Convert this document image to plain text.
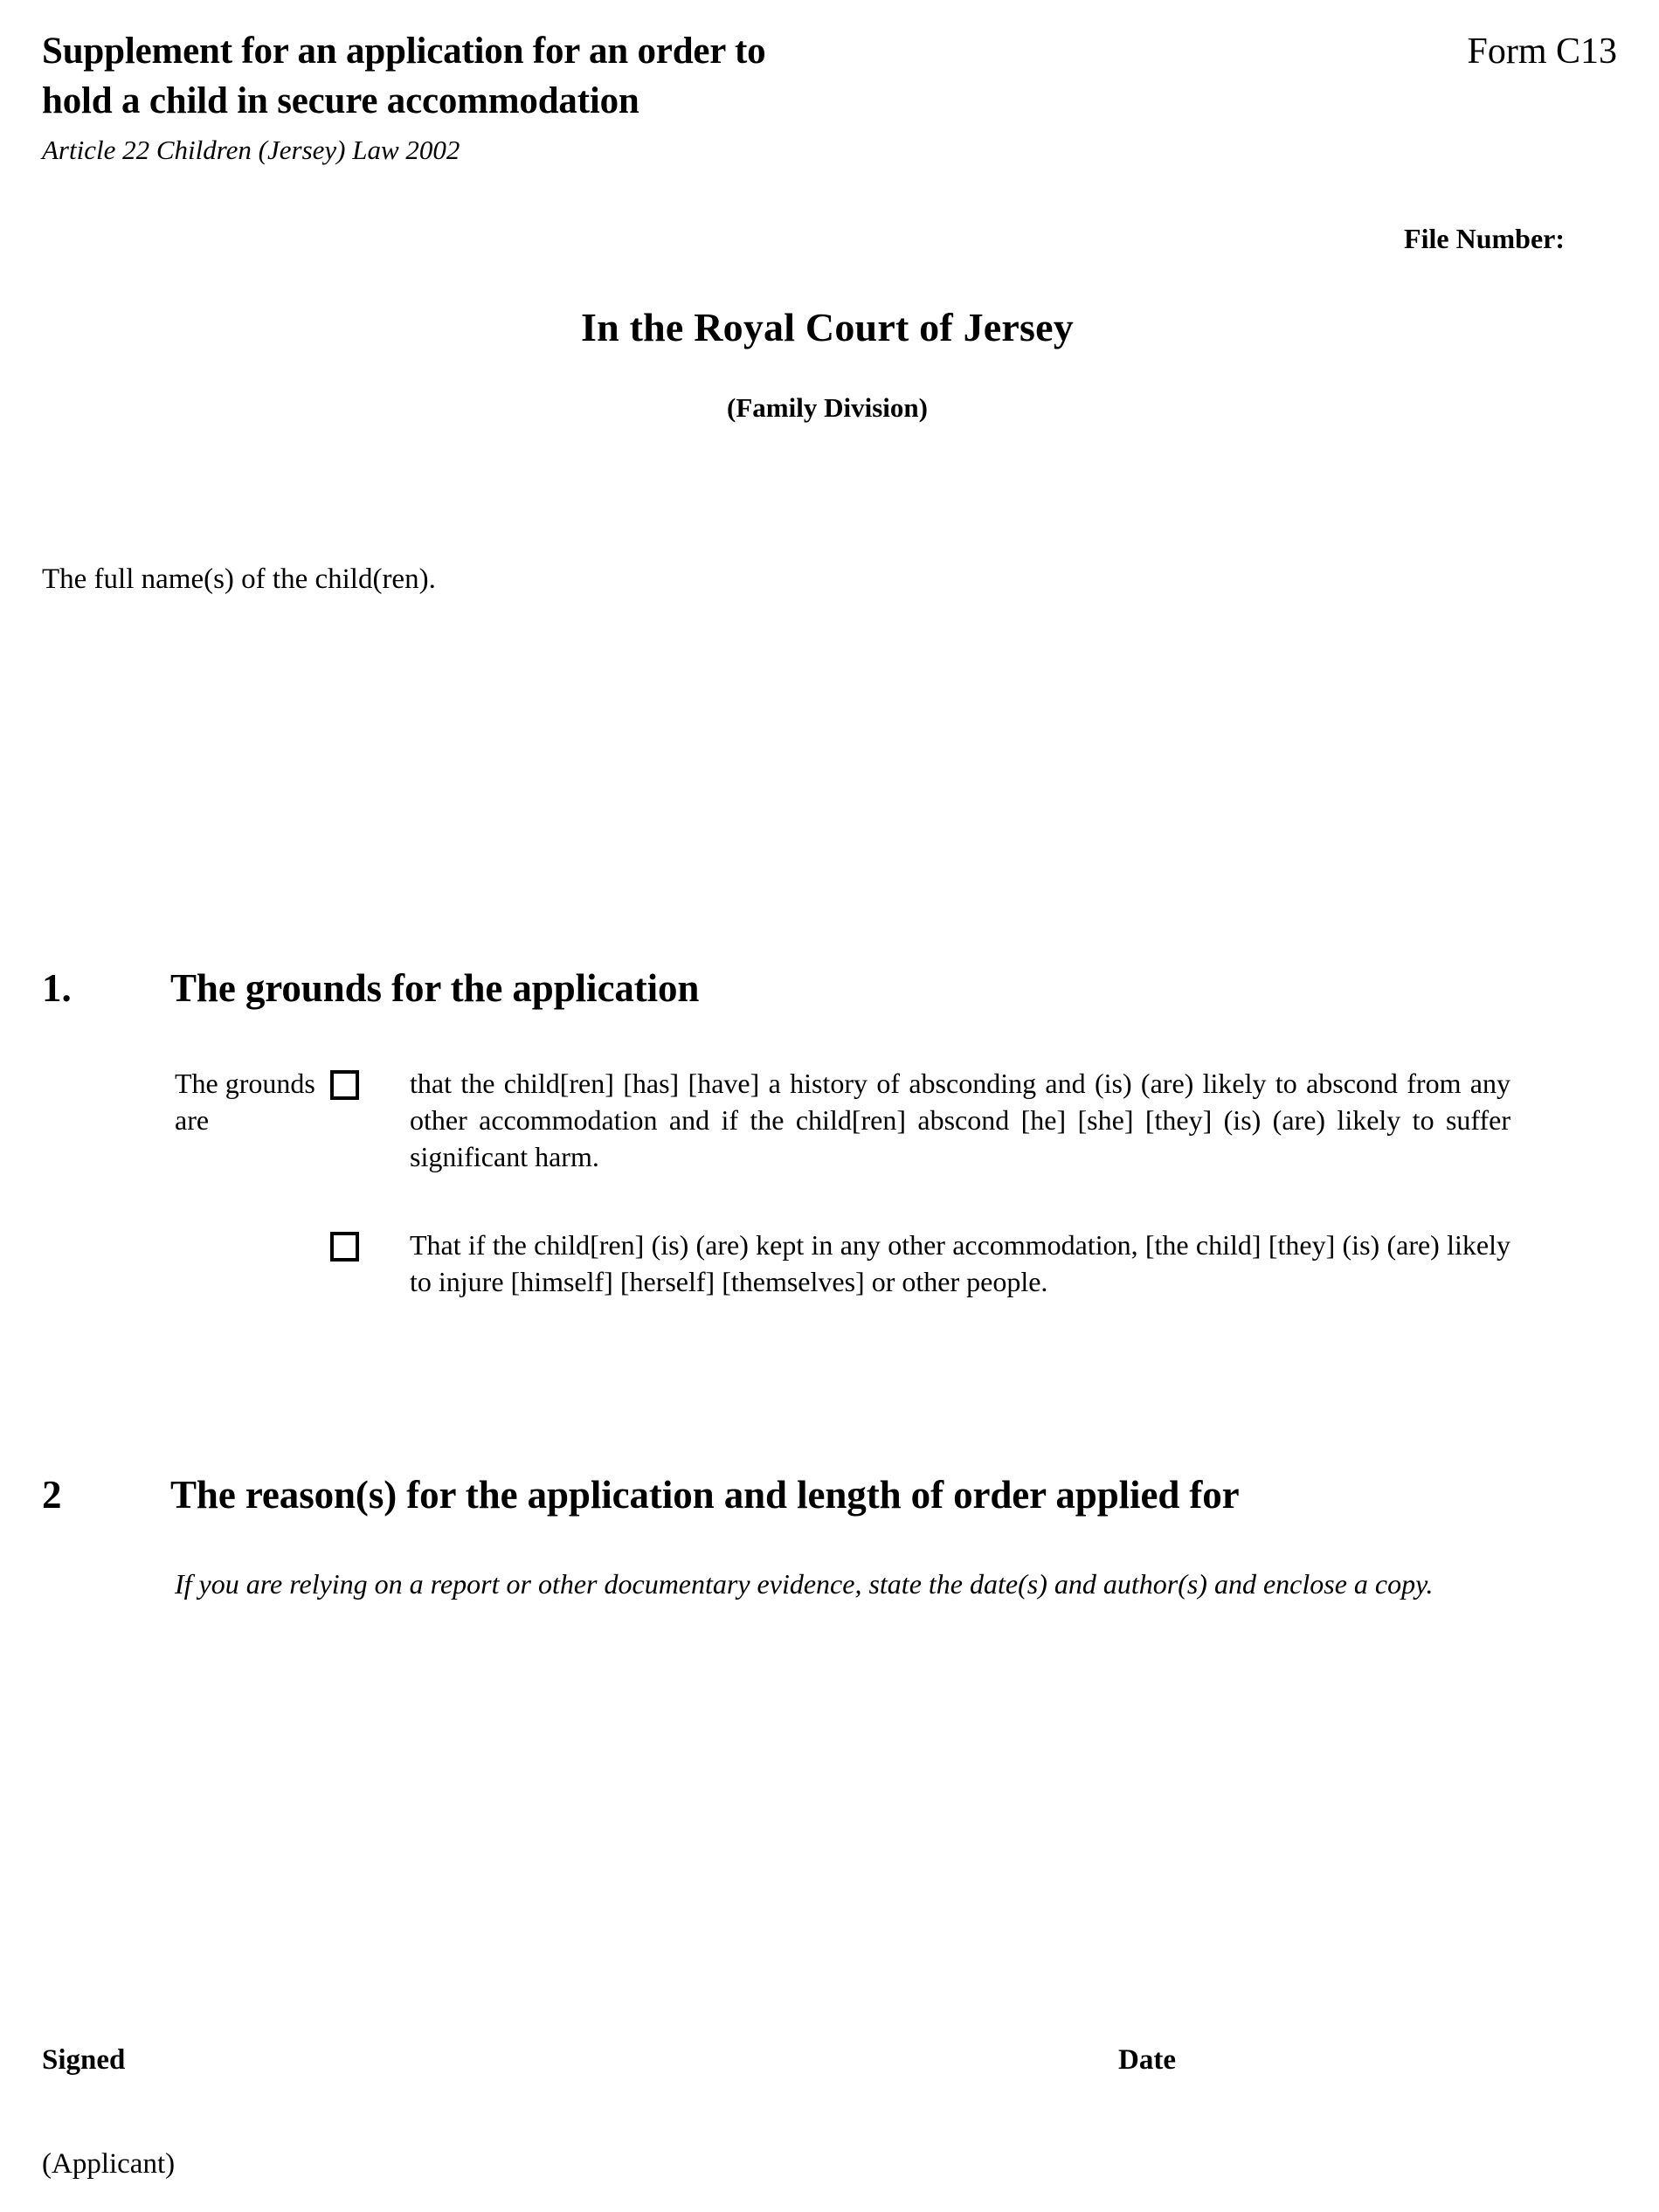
Supplement for an application for an order to
hold a child in secure accommodation
Form C13
Article 22 Children (Jersey) Law 2002
File Number:
In the Royal Court of Jersey
(Family Division)
The full name(s) of the child(ren).
1.	The grounds for the application
The grounds are
that the child[ren] [has] [have] a history of absconding and (is) (are) likely to abscond from any other accommodation and if the child[ren] abscond [he] [she] [they] (is) (are) likely to suffer significant harm.
That if the child[ren] (is) (are) kept in any other accommodation, [the child] [they] (is) (are) likely to injure [himself] [herself] [themselves] or other people.
2	The reason(s) for the application and length of order applied for
If you are relying on a report or other documentary evidence, state the date(s) and author(s) and enclose a copy.
Signed	Date
(Applicant)
